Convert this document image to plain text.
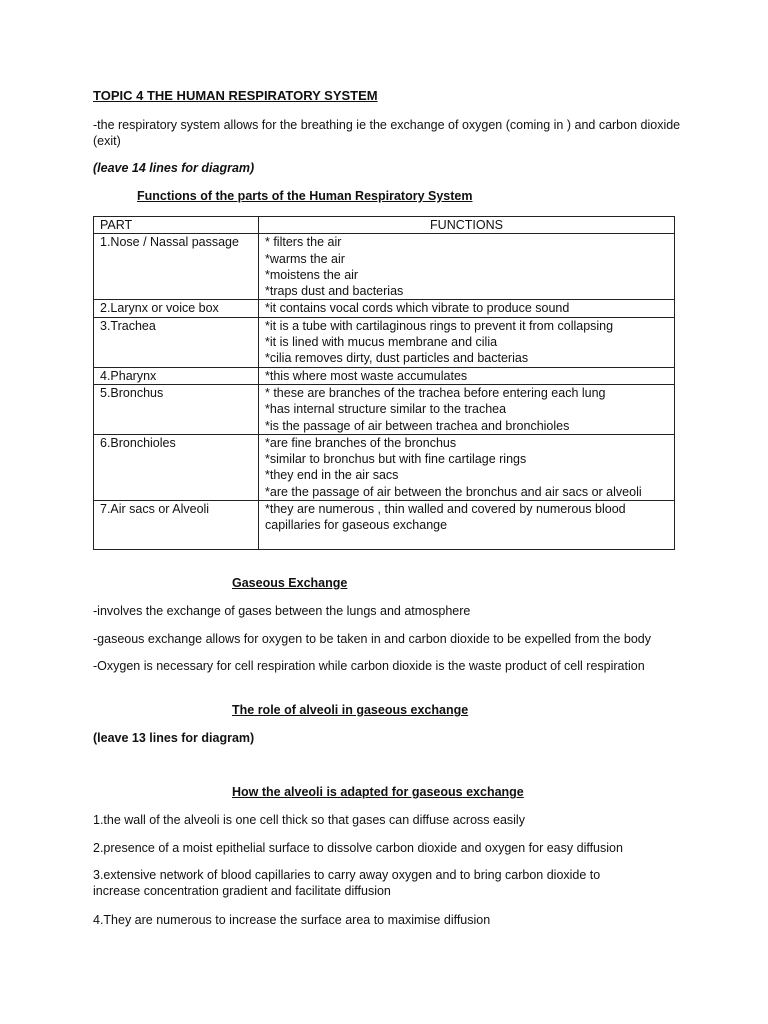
TOPIC 4 THE HUMAN RESPIRATORY SYSTEM
-the respiratory system allows for the breathing ie the exchange of oxygen (coming in ) and carbon dioxide (exit)
(leave 14 lines for diagram)
Functions of the parts of the Human Respiratory System
PART	FUNCTIONS
1.Nose / Nassal passage	* filters the air
*warms the air
*moistens the air
*traps dust and bacterias

2.Larynx or voice box	*it contains vocal cords which vibrate to produce sound

3.Trachea	*it is a tube with cartilaginous rings to prevent it from collapsing
*it is lined with mucus membrane and cilia
*cilia removes dirty, dust particles and bacterias

4.Pharynx	*this where most waste accumulates

5.Bronchus	* these are branches of the trachea before entering each lung
*has internal structure similar to the trachea
*is the passage of air between trachea and bronchioles

6.Bronchioles	*are fine branches of the bronchus
*similar to bronchus but with fine cartilage rings
*they end in the air sacs
*are the passage of air between the bronchus and air sacs or alveoli

7.Air sacs or Alveoli	*they are numerous , thin walled and covered by numerous blood
capillaries for gaseous exchange
Gaseous Exchange
-involves the exchange of gases between the lungs and atmosphere
-gaseous exchange allows for oxygen to be taken in and carbon dioxide to be expelled from the body
-Oxygen is necessary for cell respiration while carbon dioxide is the waste product of cell respiration
The role of alveoli in gaseous exchange
(leave 13 lines for diagram)
How the alveoli is adapted for gaseous exchange
1.the wall of the alveoli is one cell thick so that gases can diffuse across easily
2.presence of a moist epithelial surface to dissolve carbon dioxide and oxygen for easy diffusion
3.extensive network of blood capillaries to carry away oxygen and to bring carbon dioxide to increase concentration gradient and facilitate diffusion
4.They are numerous to increase the surface area to maximise diffusion
